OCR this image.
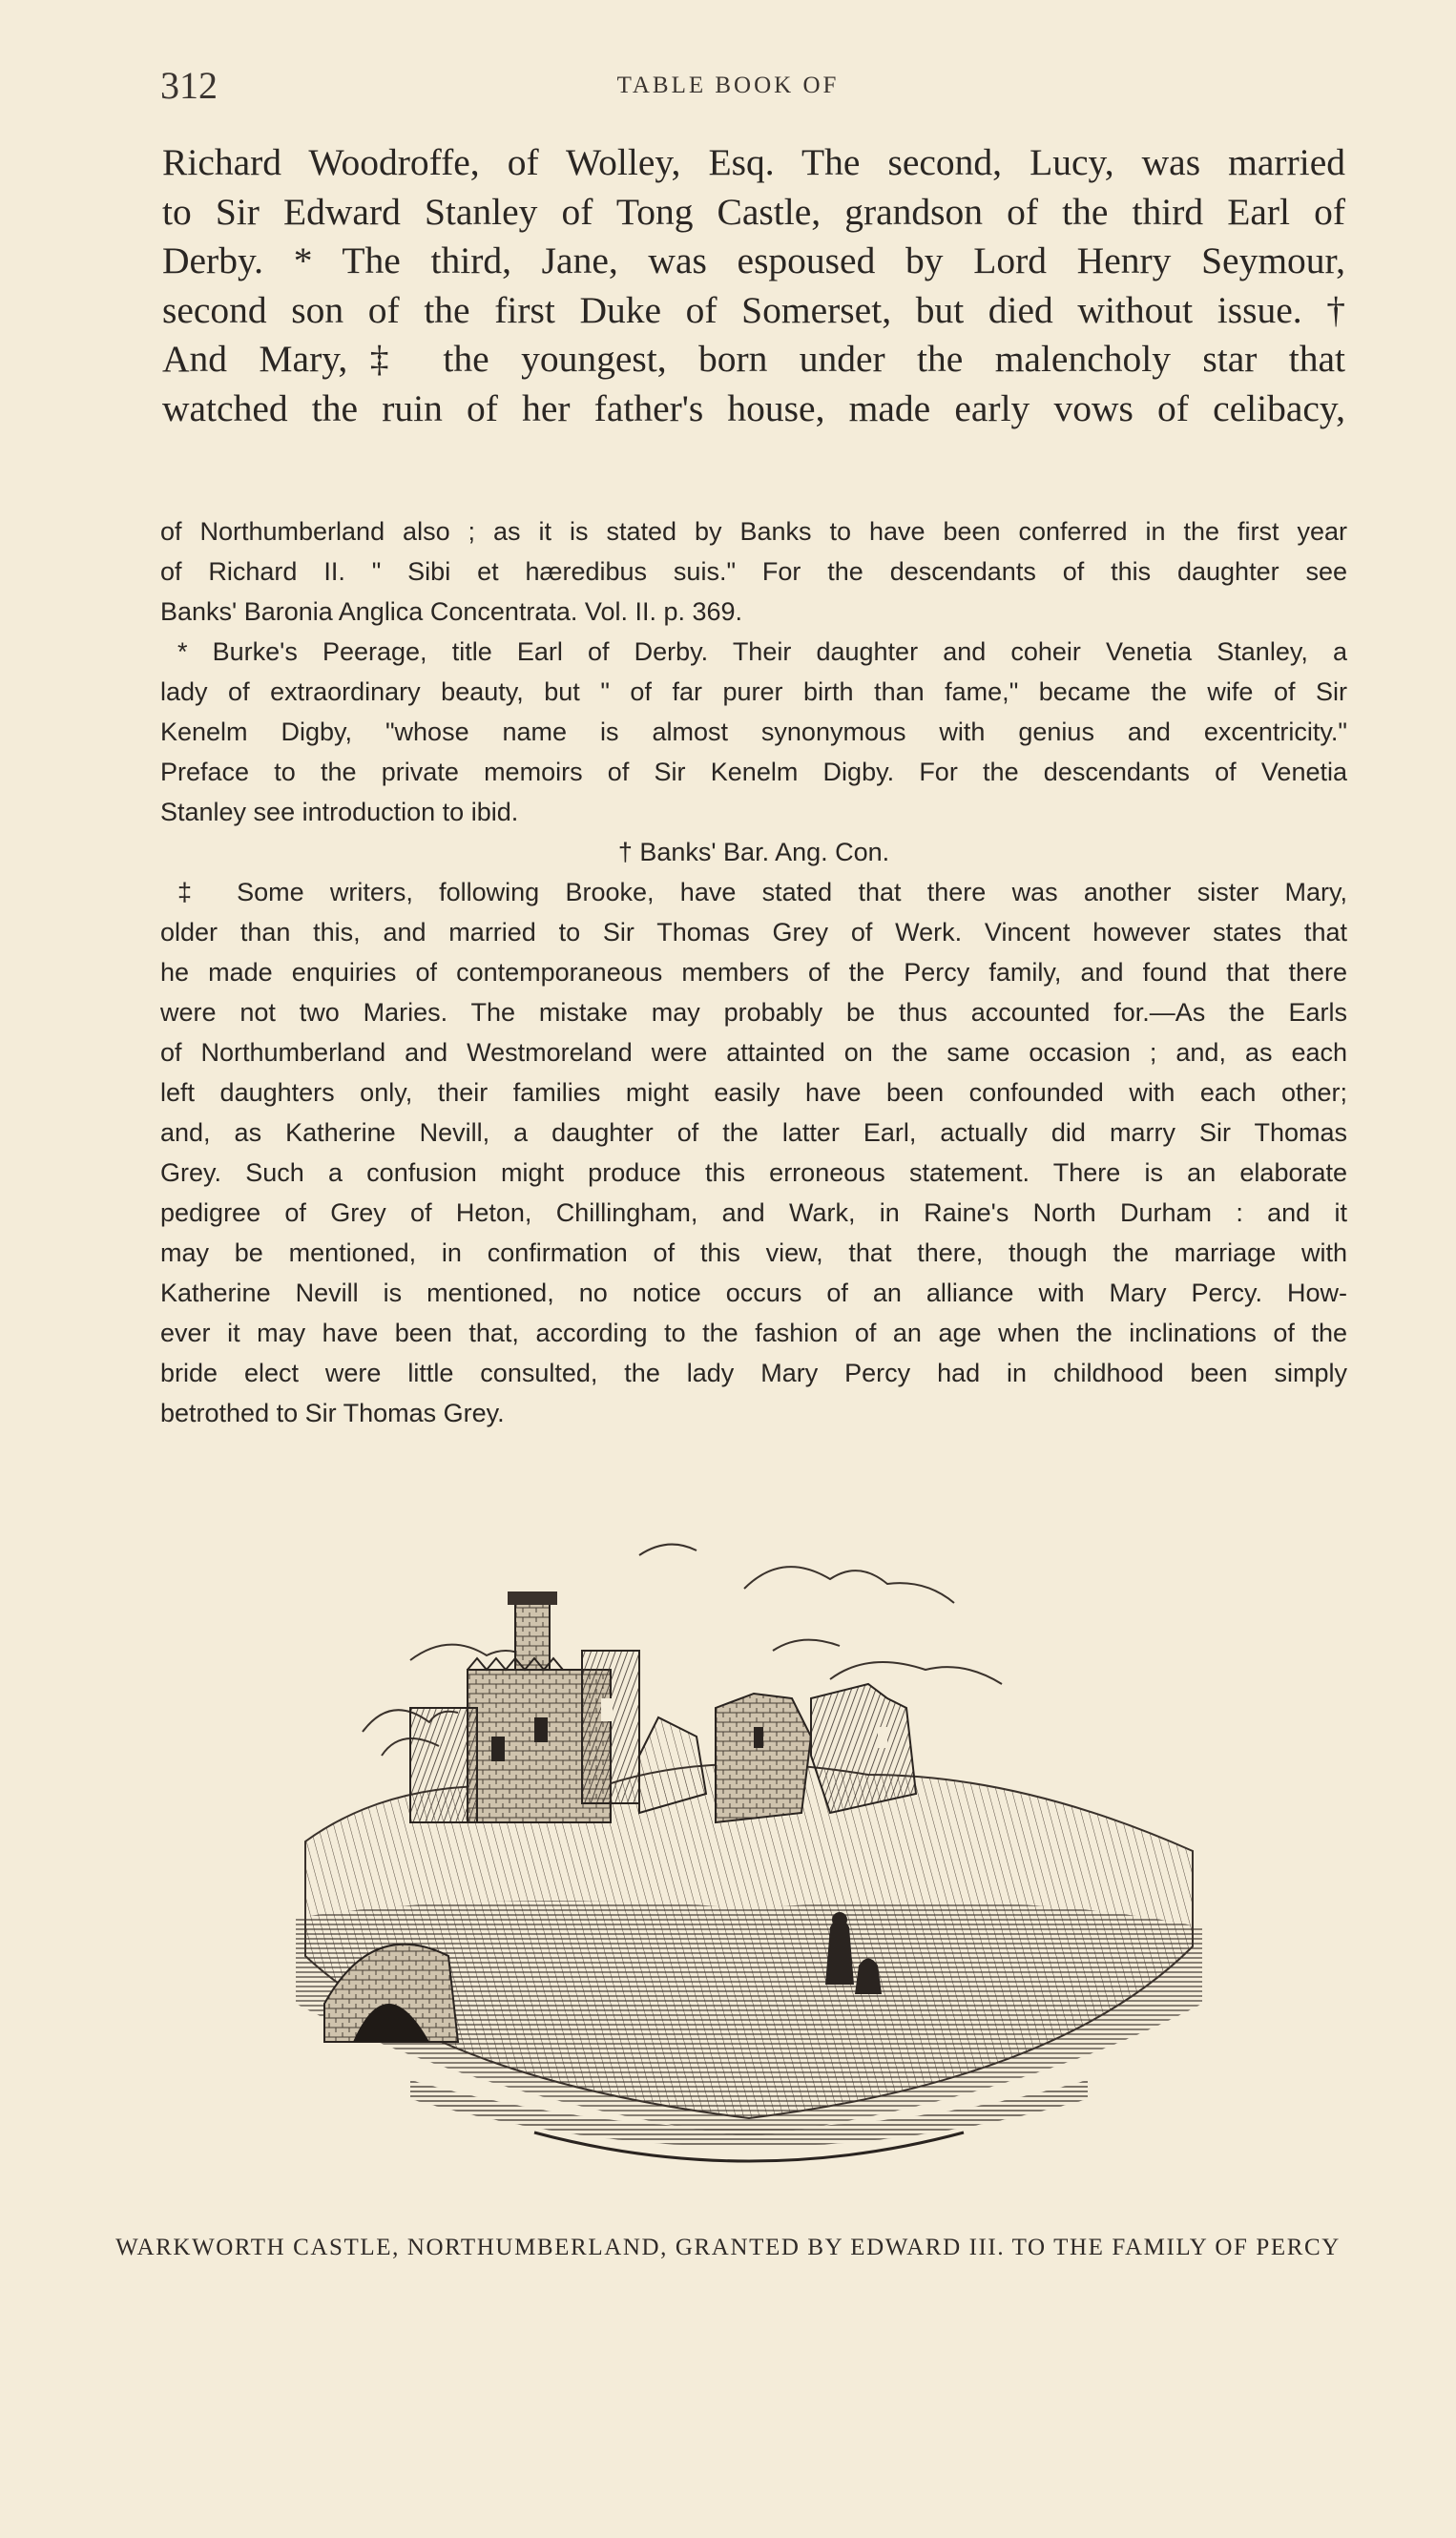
312	TABLE BOOK OF
Richard Woodroffe, of Wolley, Esq. The second, Lucy, was married
to Sir Edward Stanley of Tong Castle, grandson of the third Earl of
Derby. * The third, Jane, was espoused by Lord Henry Seymour,
second son of the first Duke of Somerset, but died without issue. †
And Mary,‡ the youngest, born under the malencholy star that
watched the ruin of her father's house, made early vows of celibacy,
of Northumberland also ; as it is stated by Banks to have been conferred in the first year
of Richard II. " Sibi et hæredibus suis." For the descendants of this daughter see
Banks' Baronia Anglica Concentrata. Vol. II. p. 369.
* Burke's Peerage, title Earl of Derby. Their daughter and coheir Venetia Stanley, a
lady of extraordinary beauty, but " of far purer birth than fame," became the wife of Sir
Kenelm Digby, "whose name is almost synonymous with genius and excentricity."
Preface to the private memoirs of Sir Kenelm Digby. For the descendants of Venetia
Stanley see introduction to ibid.
† Banks' Bar. Ang. Con.
‡ Some writers, following Brooke, have stated that there was another sister Mary,
older than this, and married to Sir Thomas Grey of Werk. Vincent however states that
he made enquiries of contemporaneous members of the Percy family, and found that there
were not two Maries. The mistake may probably be thus accounted for.—As the Earls
of Northumberland and Westmoreland were attainted on the same occasion ; and, as each
left daughters only, their families might easily have been confounded with each other;
and, as Katherine Nevill, a daughter of the latter Earl, actually did marry Sir Thomas
Grey. Such a confusion might produce this erroneous statement. There is an elaborate
pedigree of Grey of Heton, Chillingham, and Wark, in Raine's North Durham : and it
may be mentioned, in confirmation of this view, that there, though the marriage with
Katherine Nevill is mentioned, no notice occurs of an alliance with Mary Percy. How-
ever it may have been that, according to the fashion of an age when the inclinations of the
bride elect were little consulted, the lady Mary Percy had in childhood been simply
betrothed to Sir Thomas Grey.
WARKWORTH CASTLE, NORTHUMBERLAND, GRANTED BY EDWARD III. TO THE FAMILY OF PERCY
